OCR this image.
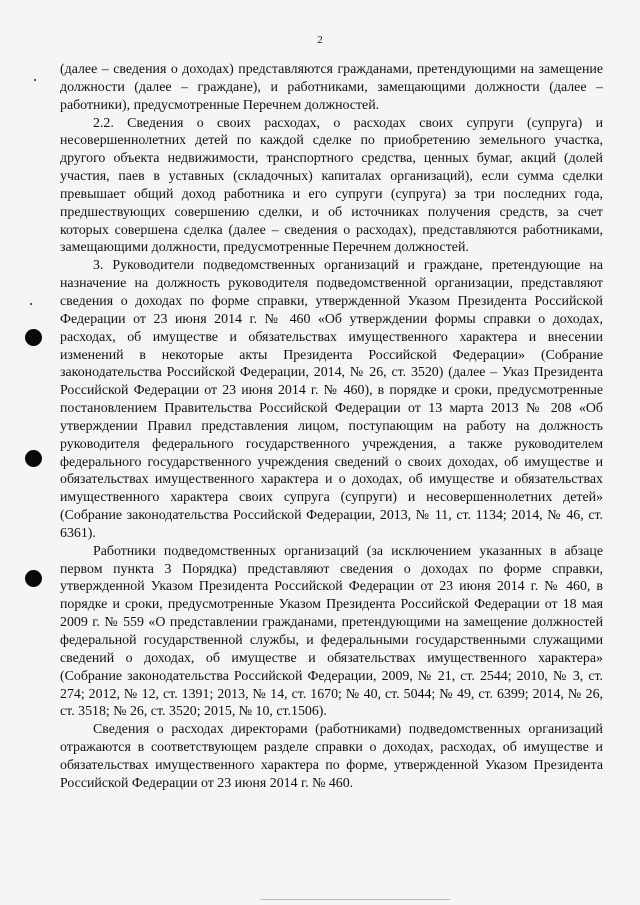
2

(далее – сведения о доходах) представляются гражданами, претендующими на замещение должности (далее – граждане), и работниками, замещающими должности (далее – работники), предусмотренные Перечнем должностей.

2.2. Сведения о своих расходах, о расходах своих супруги (супруга) и несовершеннолетних детей по каждой сделке по приобретению земельного участка, другого объекта недвижимости, транспортного средства, ценных бумаг, акций (долей участия, паев в уставных (складочных) капиталах организаций), если сумма сделки превышает общий доход работника и его супруги (супруга) за три последних года, предшествующих совершению сделки, и об источниках получения средств, за счет которых совершена сделка (далее – сведения о расходах), представляются работниками, замещающими должности, предусмотренные Перечнем должностей.

3. Руководители подведомственных организаций и граждане, претендующие на назначение на должность руководителя подведомственной организации, представляют сведения о доходах по форме справки, утвержденной Указом Президента Российской Федерации от 23 июня 2014 г. № 460 «Об утверждении формы справки о доходах, расходах, об имуществе и обязательствах имущественного характера и внесении изменений в некоторые акты Президента Российской Федерации» (Собрание законодательства Российской Федерации, 2014, № 26, ст. 3520) (далее – Указ Президента Российской Федерации от 23 июня 2014 г. № 460), в порядке и сроки, предусмотренные постановлением Правительства Российской Федерации от 13 марта 2013 № 208 «Об утверждении Правил представления лицом, поступающим на работу на должность руководителя федерального государственного учреждения, а также руководителем федерального государственного учреждения сведений о своих доходах, об имуществе и обязательствах имущественного характера и о доходах, об имуществе и обязательствах имущественного характера своих супруга (супруги) и несовершеннолетних детей» (Собрание законодательства Российской Федерации, 2013, № 11, ст. 1134; 2014, № 46, ст. 6361).

Работники подведомственных организаций (за исключением указанных в абзаце первом пункта 3 Порядка) представляют сведения о доходах по форме справки, утвержденной Указом Президента Российской Федерации от 23 июня 2014 г. № 460, в порядке и сроки, предусмотренные Указом Президента Российской Федерации от 18 мая 2009 г. № 559 «О представлении гражданами, претендующими на замещение должностей федеральной государственной службы, и федеральными государственными служащими сведений о доходах, об имуществе и обязательствах имущественного характера» (Собрание законодательства Российской Федерации, 2009, № 21, ст. 2544; 2010, № 3, ст. 274; 2012, № 12, ст. 1391; 2013, № 14, ст. 1670; № 40, ст. 5044; № 49, ст. 6399; 2014, № 26, ст. 3518; № 26, ст. 3520; 2015, № 10, ст.1506).

Сведения о расходах директорами (работниками) подведомственных организаций отражаются в соответствующем разделе справки о доходах, расходах, об имуществе и обязательствах имущественного характера по форме, утвержденной Указом Президента Российской Федерации от 23 июня 2014 г. № 460.
